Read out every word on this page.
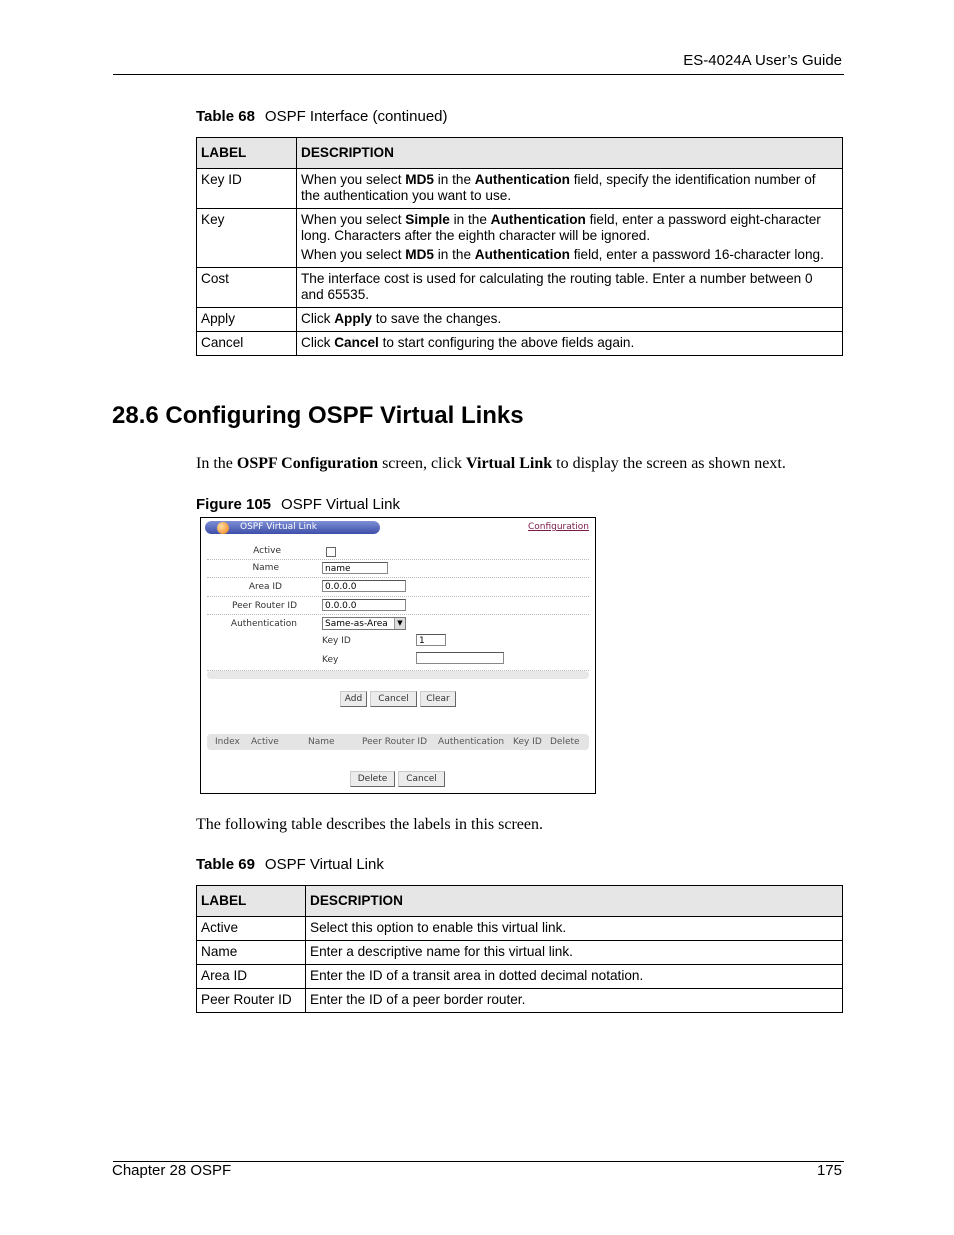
ES-4024A User’s Guide
Table 68 OSPF Interface (continued)
LABEL	DESCRIPTION
Key ID	When you select MD5 in the Authentication field, specify the identification number of the authentication you want to use.

Key	When you select Simple in the Authentication field, enter a password eight-character long. Characters after the eighth character will be ignored.

When you select MD5 in the Authentication field, enter a password 16-character long.

Cost	The interface cost is used for calculating the routing table. Enter a number between 0 and 65535.

Apply	Click Apply to save the changes.

Cancel	Click Cancel to start configuring the above fields again.

28.6 Configuring OSPF Virtual Links
In the OSPF Configuration screen, click Virtual Link to display the screen as shown next.
Figure 105 OSPF Virtual Link
OSPF Virtual Link	Configuration
Active
Name	name
Area ID	0.0.0.0
Peer Router ID	0.0.0.0
Authentication	Same-as-Area	▼
Key ID	1
Key
Add	Cancel	Clear
Index Active	Name	Peer Router ID Authentication Key ID Delete
Delete	Cancel
The following table describes the labels in this screen.
Table 69 OSPF Virtual Link
LABEL	DESCRIPTION
Active	Select this option to enable this virtual link.
Name	Enter a descriptive name for this virtual link.
Area ID	Enter the ID of a transit area in dotted decimal notation.
Peer Router ID	Enter the ID of a peer border router.
Chapter 28 OSPF	175
